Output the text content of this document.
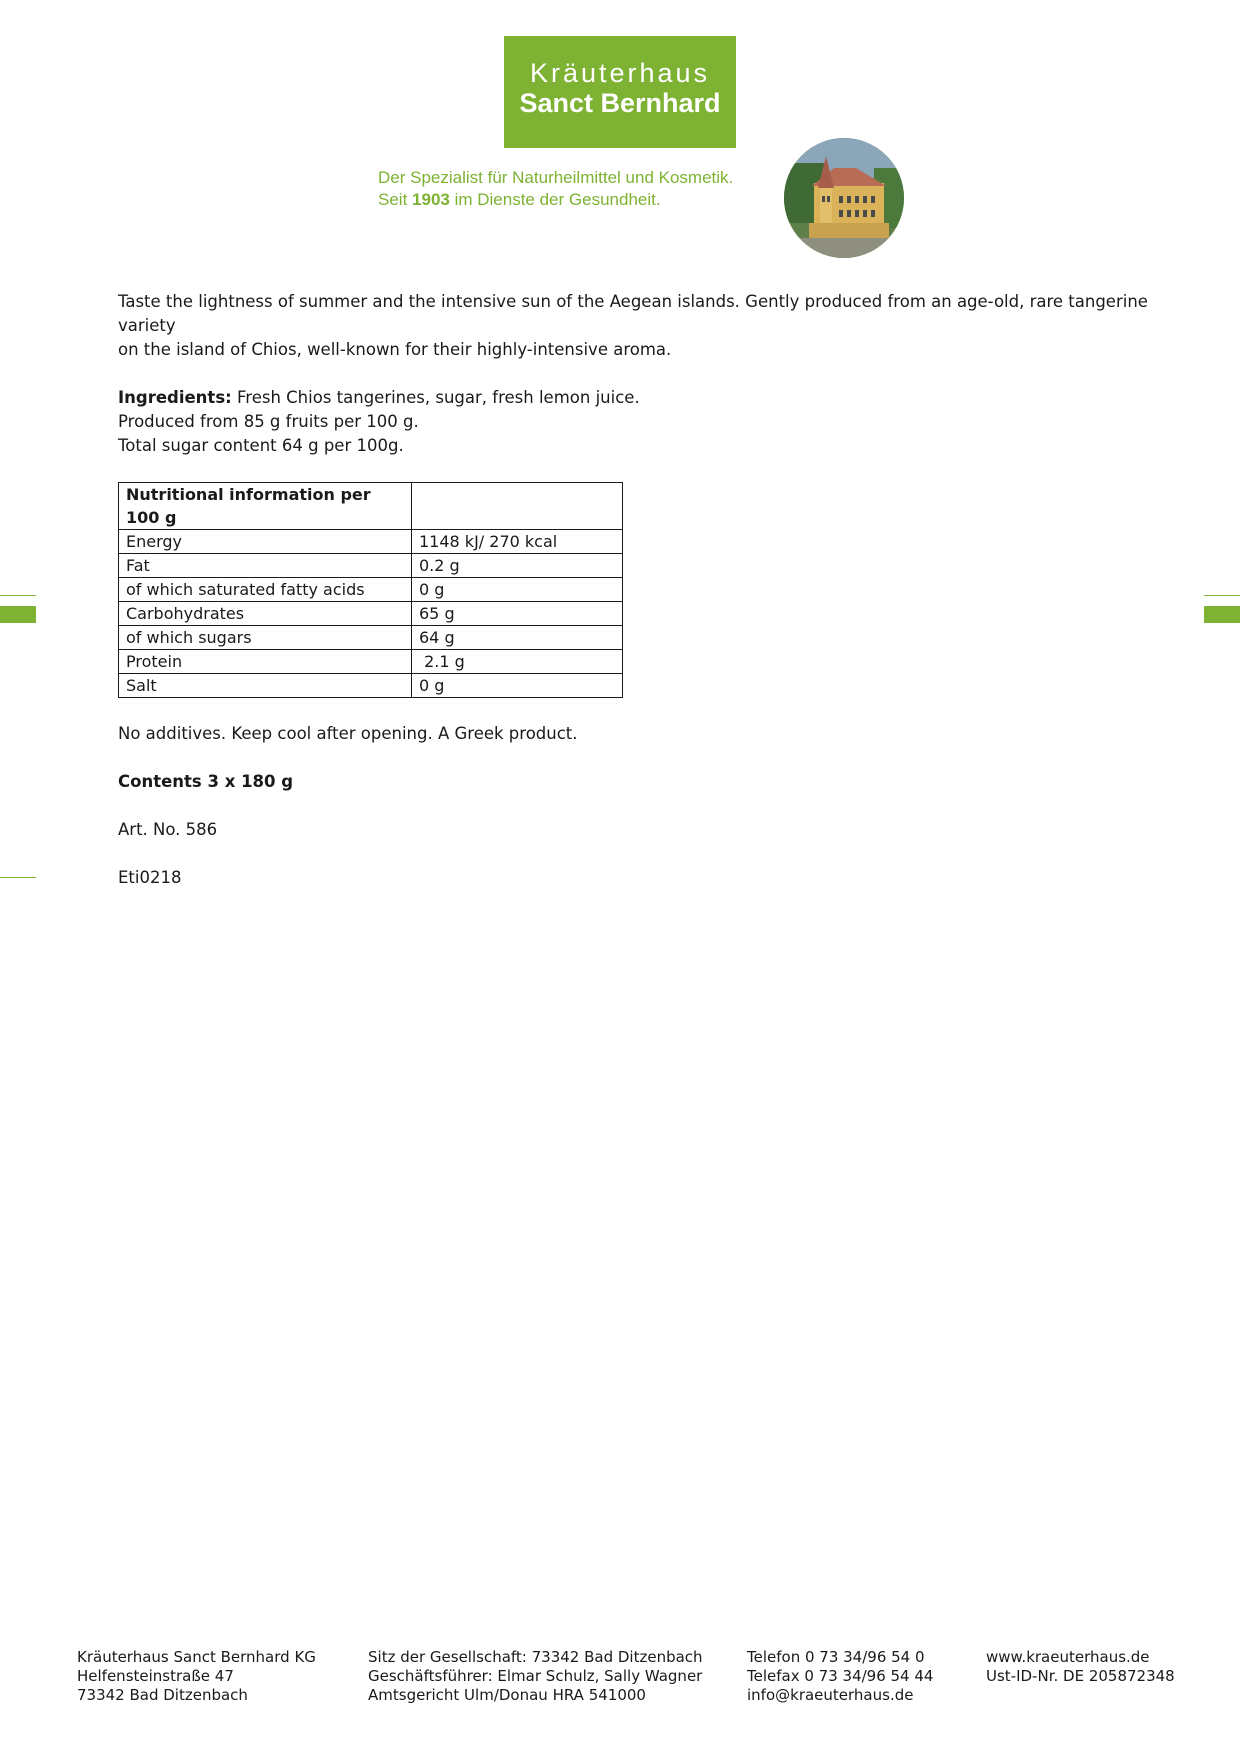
Kräuterhaus
Sanct Bernhard
Der Spezialist für Naturheilmittel und Kosmetik.
Seit 1903 im Dienste der Gesundheit.

Taste the lightness of summer and the intensive sun of the Aegean islands. Gently produced from an age-old, rare tangerine variety

on the island of Chios, well-known for their highly-intensive aroma.

Ingredients: Fresh Chios tangerines, sugar, fresh lemon juice.

Produced from 85 g fruits per 100 g.

Total sugar content 64 g per 100g.

Nutritional information per 100 g	
Energy	1148 kJ/ 270 kcal
Fat	0.2 g
of which saturated fatty acids	0 g
Carbohydrates	65 g
of which sugars	64 g
Protein	2.1 g
Salt	0 g

No additives. Keep cool after opening. A Greek product.

Contents 3 x 180 g

Art. No. 586

Eti0218

Kräuterhaus Sanct Bernhard KG
Helfensteinstraße 47
73342 Bad Ditzenbach
Sitz der Gesellschaft: 73342 Bad Ditzenbach
Geschäftsführer: Elmar Schulz, Sally Wagner
Amtsgericht Ulm/Donau HRA 541000
Telefon 0 73 34/96 54 0
Telefax 0 73 34/96 54 44
info@kraeuterhaus.de
www.kraeuterhaus.de
Ust-ID-Nr. DE 205872348
